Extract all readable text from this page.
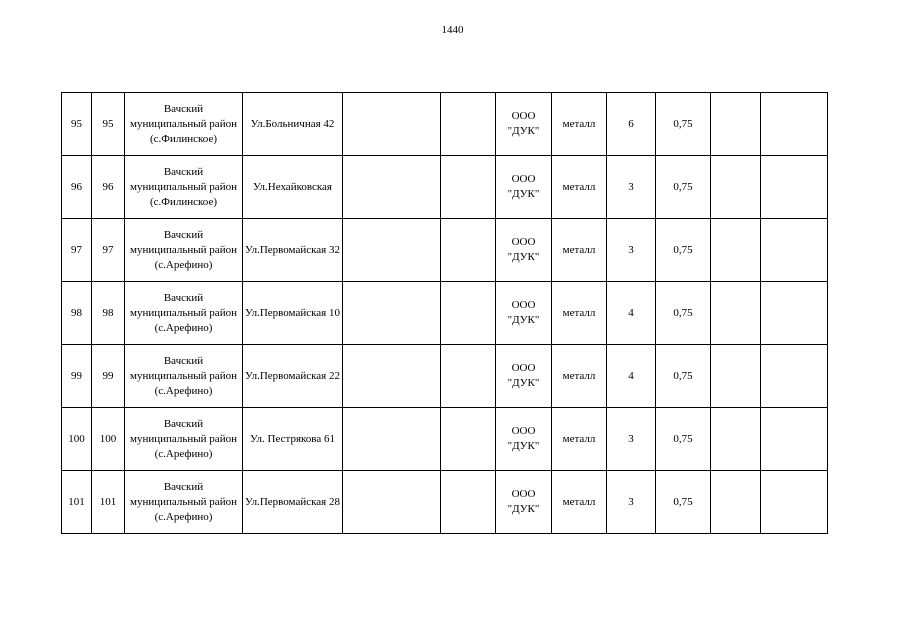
1440
95	95	Вачский муниципальный район (с.Филинское)	Ул.Больничная 42			ООО "ДУК"	металл	6	0,75		
96	96	Вачский муниципальный район (с.Филинское)	Ул.Нехайковская			ООО "ДУК"	металл	3	0,75		
97	97	Вачский муниципальный район (с.Арефино)	Ул.Первомайская 32			ООО "ДУК"	металл	3	0,75		
98	98	Вачский муниципальный район (с.Арефино)	Ул.Первомайская 10			ООО "ДУК"	металл	4	0,75		
99	99	Вачский муниципальный район (с.Арефино)	Ул.Первомайская 22			ООО "ДУК"	металл	4	0,75		
100	100	Вачский муниципальный район (с.Арефино)	Ул. Пестрякова 61			ООО "ДУК"	металл	3	0,75		
101	101	Вачский муниципальный район (с.Арефино)	Ул.Первомайская 28			ООО "ДУК"	металл	3	0,75		
